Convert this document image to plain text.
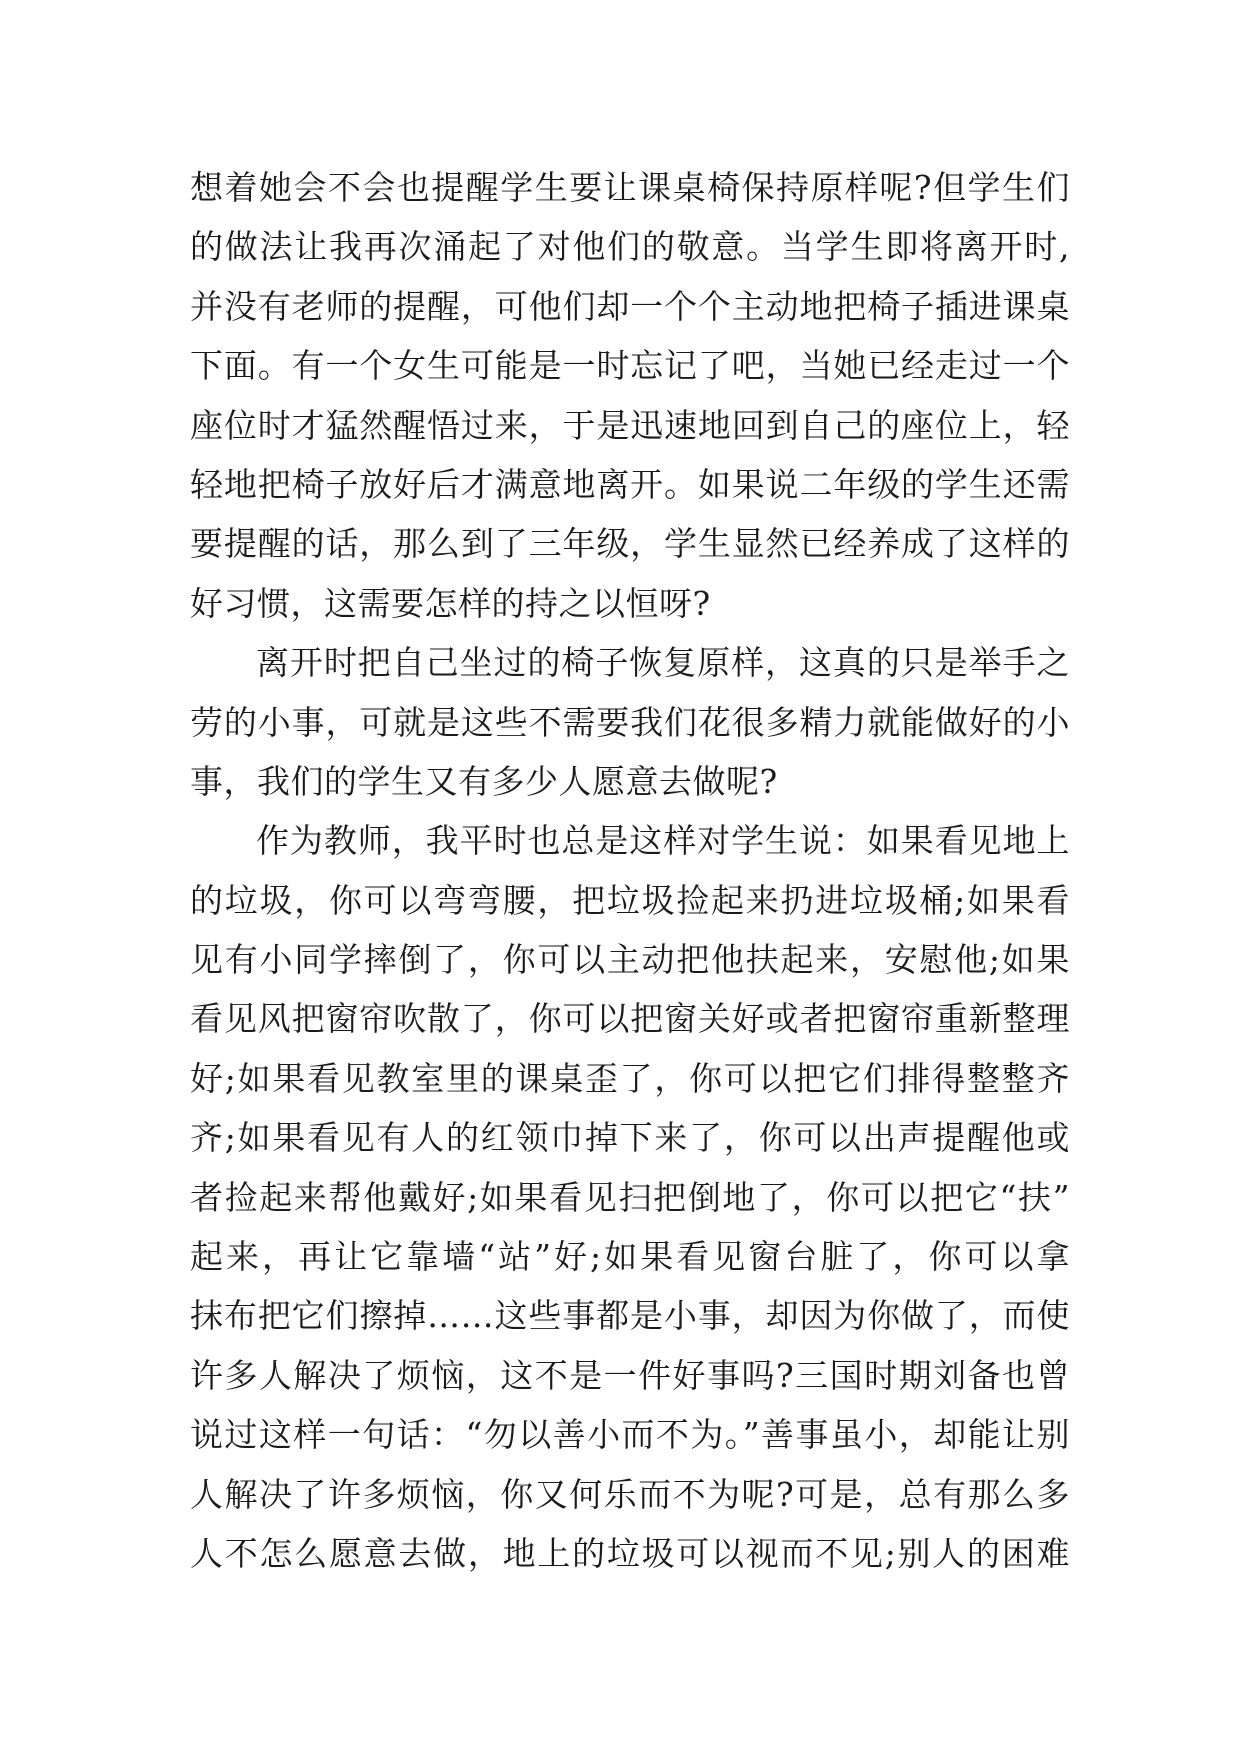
想着她会不会也提醒学生要让课桌椅保持原样呢?但学生们
的做法让我再次涌起了对他们的敬意。当学生即将离开时,
并没有老师的提醒，可他们却一个个主动地把椅子插进课桌
下面。有一个女生可能是一时忘记了吧，当她已经走过一个
座位时才猛然醒悟过来，于是迅速地回到自己的座位上，轻
轻地把椅子放好后才满意地离开。如果说二年级的学生还需
要提醒的话，那么到了三年级，学生显然已经养成了这样的
好习惯，这需要怎样的持之以恒呀?
离开时把自己坐过的椅子恢复原样，这真的只是举手之
劳的小事，可就是这些不需要我们花很多精力就能做好的小
事，我们的学生又有多少人愿意去做呢?
作为教师，我平时也总是这样对学生说：如果看见地上
的垃圾，你可以弯弯腰，把垃圾捡起来扔进垃圾桶;如果看
见有小同学摔倒了，你可以主动把他扶起来，安慰他;如果
看见风把窗帘吹散了，你可以把窗关好或者把窗帘重新整理
好;如果看见教室里的课桌歪了，你可以把它们排得整整齐
齐;如果看见有人的红领巾掉下来了，你可以出声提醒他或
者捡起来帮他戴好;如果看见扫把倒地了，你可以把它“扶”
起来，再让它靠墙“站”好;如果看见窗台脏了，你可以拿
抹布把它们擦掉……这些事都是小事，却因为你做了，而使
许多人解决了烦恼，这不是一件好事吗?三国时期刘备也曾
说过这样一句话：“勿以善小而不为。”善事虽小，却能让别
人解决了许多烦恼，你又何乐而不为呢?可是，总有那么多
人不怎么愿意去做，地上的垃圾可以视而不见;别人的困难
